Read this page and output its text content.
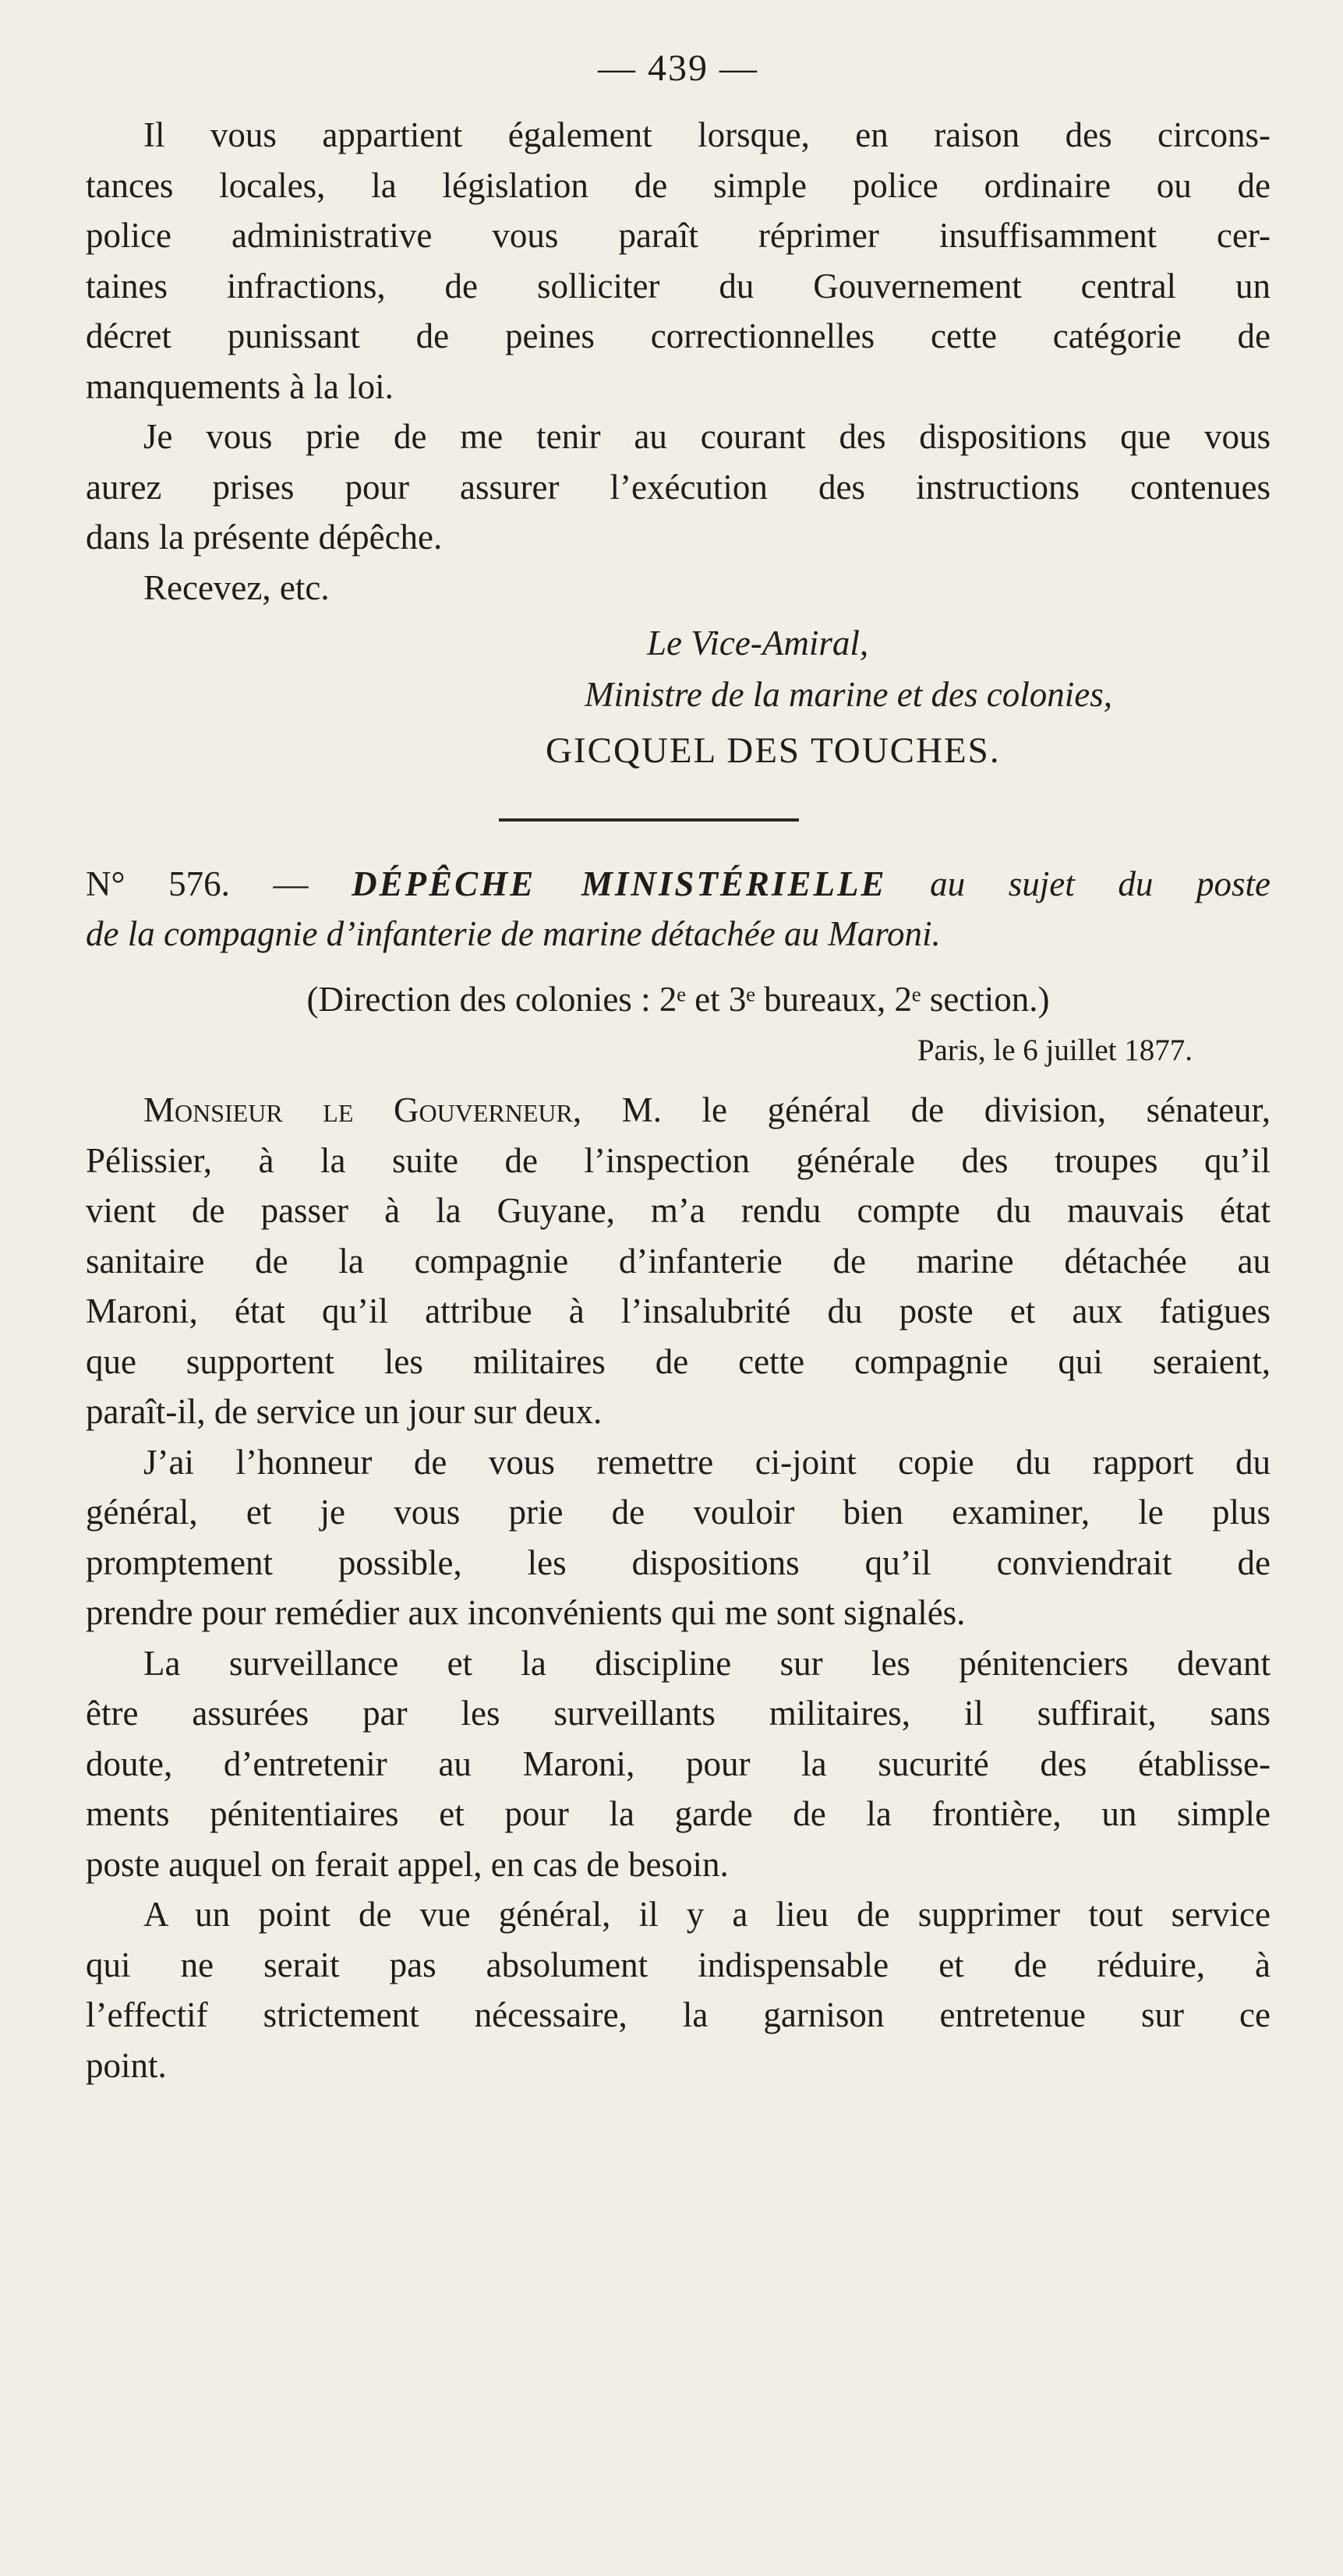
— 439 —
Il vous appartient également lorsque, en raison des circons-
tances locales, la législation de simple police ordinaire ou de
police administrative vous paraît réprimer insuffisamment cer-
taines infractions, de solliciter du Gouvernement central un
décret punissant de peines correctionnelles cette catégorie de
manquements à la loi.
Je vous prie de me tenir au courant des dispositions que vous
aurez prises pour assurer l’exécution des instructions contenues
dans la présente dépêche.
Recevez, etc.
Le Vice-Amiral,
Ministre de la marine et des colonies,
GICQUEL DES TOUCHES.
N° 576. — DÉPÊCHE MINISTÉRIELLE au sujet du poste
de la compagnie d’infanterie de marine détachée au Maroni.
(Direction des colonies : 2ᵉ et 3ᵉ bureaux, 2ᵉ section.)
Paris, le 6 juillet 1877.
Monsieur le Gouverneur, M. le général de division, sénateur,
Pélissier, à la suite de l’inspection générale des troupes qu’il
vient de passer à la Guyane, m’a rendu compte du mauvais état
sanitaire de la compagnie d’infanterie de marine détachée au
Maroni, état qu’il attribue à l’insalubrité du poste et aux fatigues
que supportent les militaires de cette compagnie qui seraient,
paraît-il, de service un jour sur deux.
J’ai l’honneur de vous remettre ci-joint copie du rapport du
général, et je vous prie de vouloir bien examiner, le plus
promptement possible, les dispositions qu’il conviendrait de
prendre pour remédier aux inconvénients qui me sont signalés.
La surveillance et la discipline sur les pénitenciers devant
être assurées par les surveillants militaires, il suffirait, sans
doute, d’entretenir au Maroni, pour la sucurité des établisse-
ments pénitentiaires et pour la garde de la frontière, un simple
poste auquel on ferait appel, en cas de besoin.
A un point de vue général, il y a lieu de supprimer tout service
qui ne serait pas absolument indispensable et de réduire, à
l’effectif strictement nécessaire, la garnison entretenue sur ce
point.
